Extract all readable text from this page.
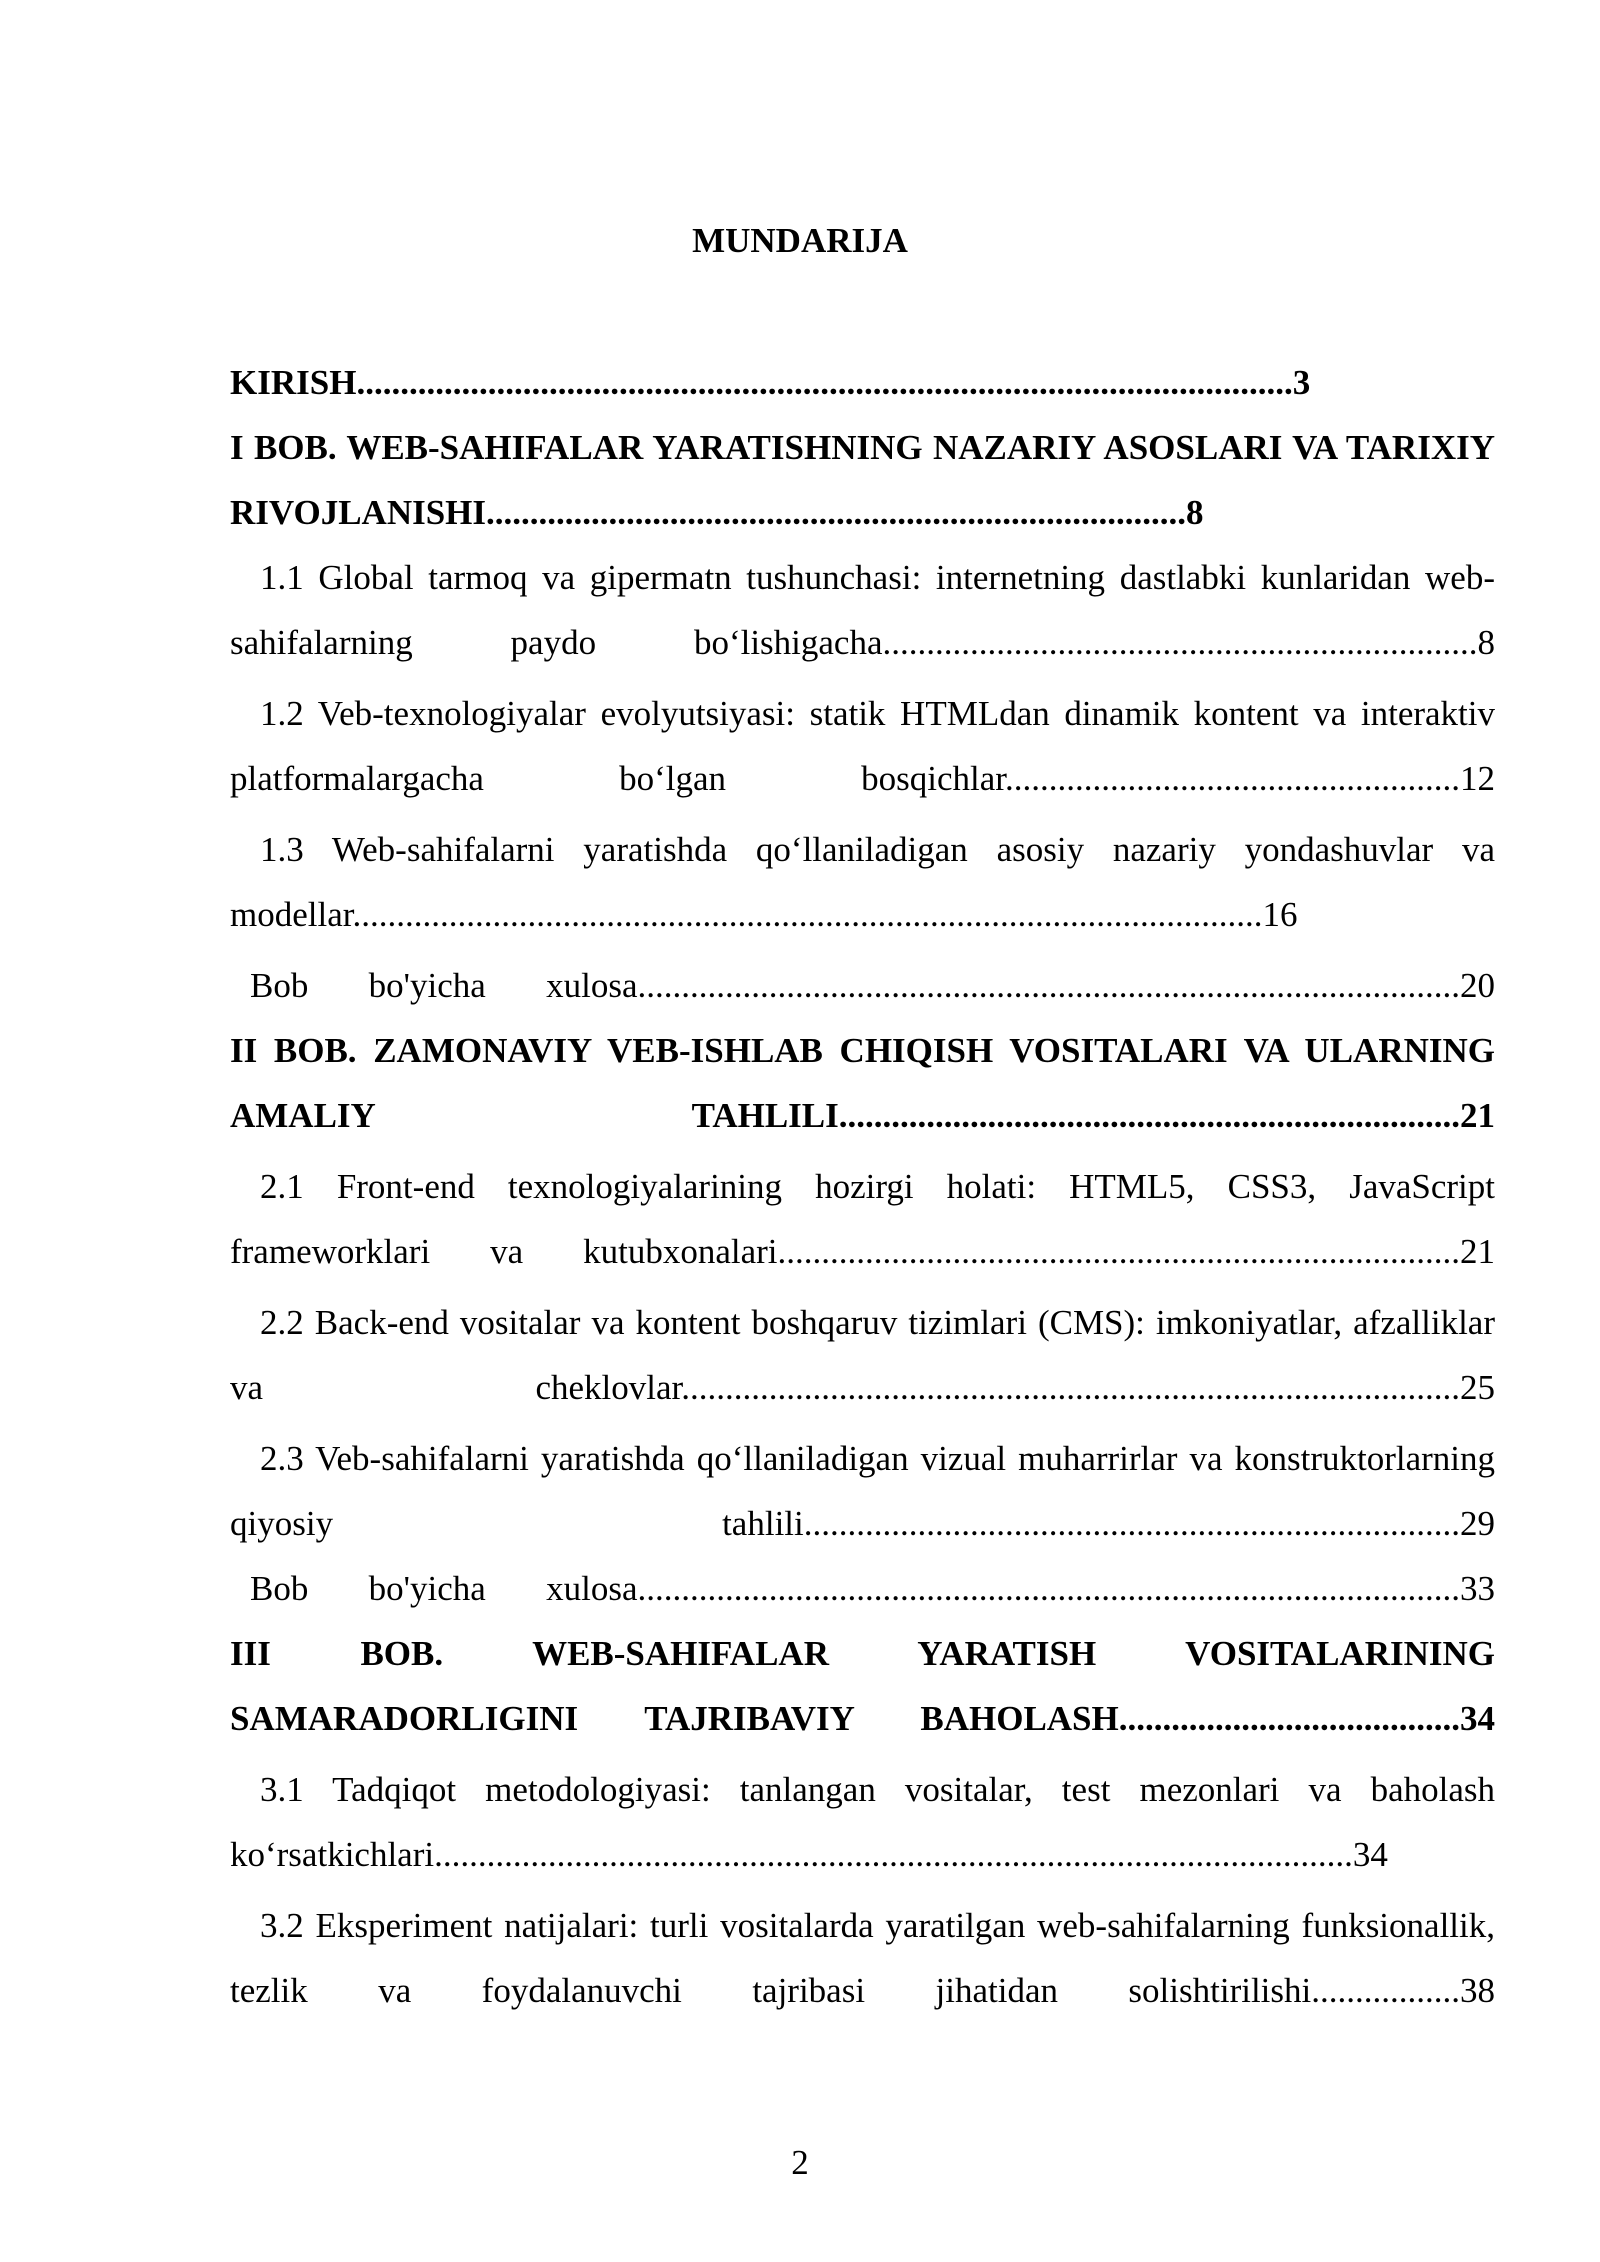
MUNDARIJA

KIRISH...........................................................................................................3

I BOB. WEB-SAHIFALAR YARATISHNING NAZARIY ASOSLARI VA TARIXIY RIVOJLANISHI................................................................................8

1.1 Global tarmoq va gipermatn tushunchasi: internetning dastlabki kunlaridan web-sahifalarning paydo bo‘lishigacha....................................................................8

1.2 Veb-texnologiyalar evolyutsiyasi: statik HTMLdan dinamik kontent va interaktiv platformalargacha bo‘lgan bosqichlar....................................................12

1.3 Web-sahifalarni yaratishda qo‘llaniladigan asosiy nazariy yondashuvlar va modellar........................................................................................................16

Bob bo'yicha xulosa..............................................................................................20

II BOB. ZAMONAVIY VEB-ISHLAB CHIQISH VOSITALARI VA ULARNING AMALIY TAHLILI.......................................................................21

2.1 Front-end texnologiyalarining hozirgi holati: HTML5, CSS3, JavaScript frameworklari va kutubxonalari..............................................................................21

2.2 Back-end vositalar va kontent boshqaruv tizimlari (CMS): imkoniyatlar, afzalliklar va cheklovlar.........................................................................................25

2.3 Veb-sahifalarni yaratishda qo‘llaniladigan vizual muharrirlar va konstruktorlarning qiyosiy tahlili...........................................................................29

Bob bo'yicha xulosa..............................................................................................33

III BOB. WEB-SAHIFALAR YARATISH VOSITALARINING SAMARADORLIGINI TAJRIBAVIY BAHOLASH.......................................34

3.1 Tadqiqot metodologiyasi: tanlangan vositalar, test mezonlari va baholash ko‘rsatkichlari.........................................................................................................34

3.2 Eksperiment natijalari: turli vositalarda yaratilgan web-sahifalarning funksionallik, tezlik va foydalanuvchi tajribasi jihatidan solishtirilishi.................38

2
